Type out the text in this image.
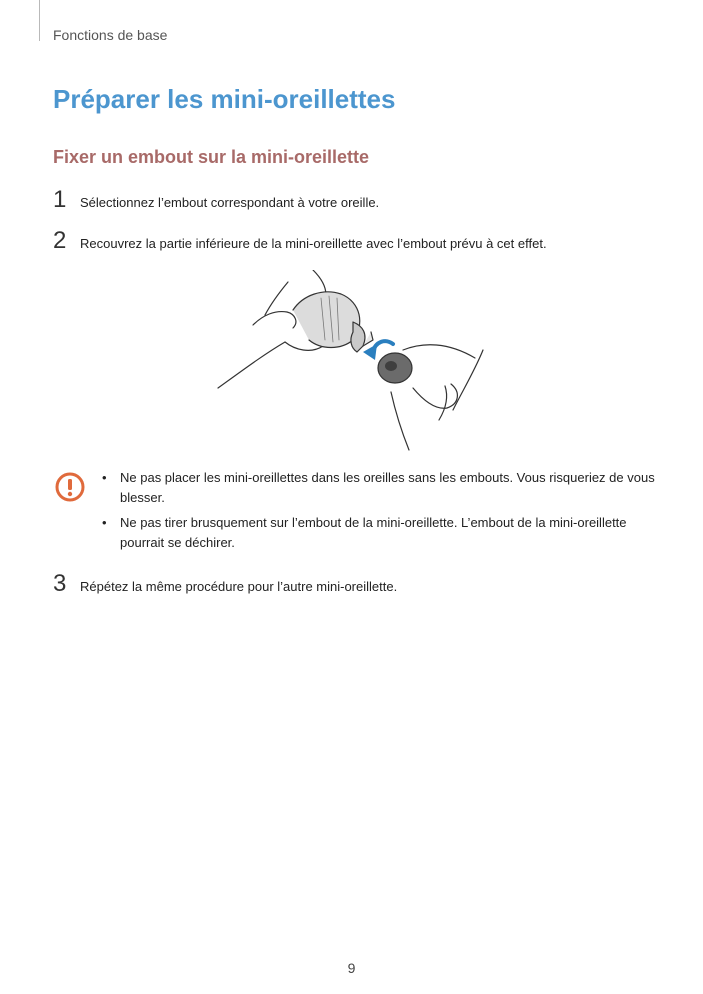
Fonctions de base
Préparer les mini-oreillettes
Fixer un embout sur la mini-oreillette
1	Sélectionnez l’embout correspondant à votre oreille.
2	Recouvrez la partie inférieure de la mini-oreillette avec l’embout prévu à cet effet.
• Ne pas placer les mini-oreillettes dans les oreilles sans les embouts. Vous risqueriez de vous blesser.
• Ne pas tirer brusquement sur l’embout de la mini-oreillette. L’embout de la mini-oreillette pourrait se déchirer.
3	Répétez la même procédure pour l’autre mini-oreillette.
9
